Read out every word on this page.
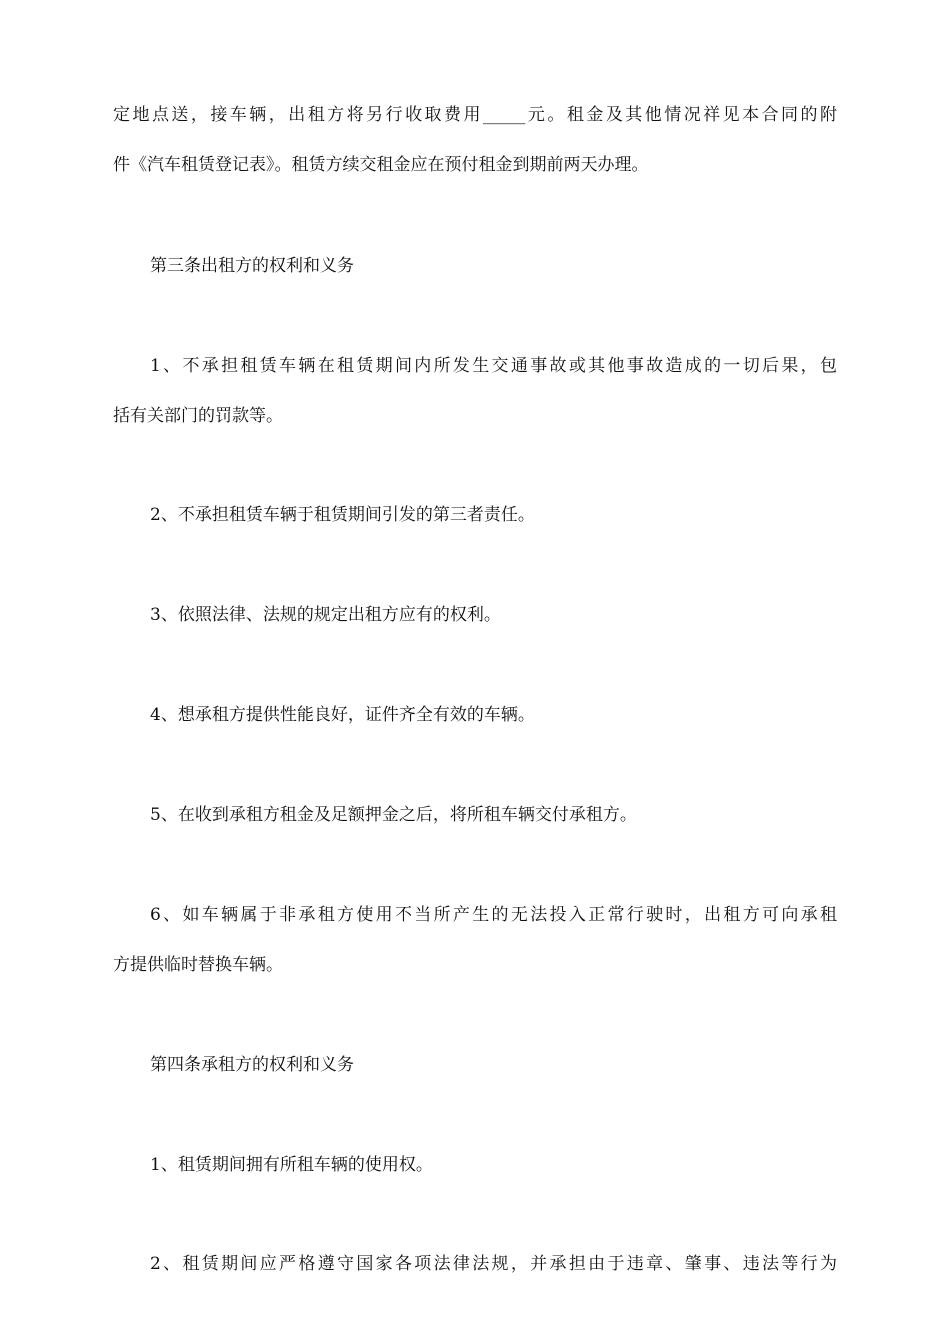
定地点送，接车辆，出租方将另行收取费用_____元。租金及其他情况祥见本合同的附
件《汽车租赁登记表》。租赁方续交租金应在预付租金到期前两天办理。
第三条出租方的权利和义务
1、不承担租赁车辆在租赁期间内所发生交通事故或其他事故造成的一切后果，包
括有关部门的罚款等。
2、不承担租赁车辆于租赁期间引发的第三者责任。
3、依照法律、法规的规定出租方应有的权利。
4、想承租方提供性能良好，证件齐全有效的车辆。
5、在收到承租方租金及足额押金之后，将所租车辆交付承租方。
6、如车辆属于非承租方使用不当所产生的无法投入正常行驶时，出租方可向承租
方提供临时替换车辆。
第四条承租方的权利和义务
1、租赁期间拥有所租车辆的使用权。
2、租赁期间应严格遵守国家各项法律法规，并承担由于违章、肇事、违法等行为
